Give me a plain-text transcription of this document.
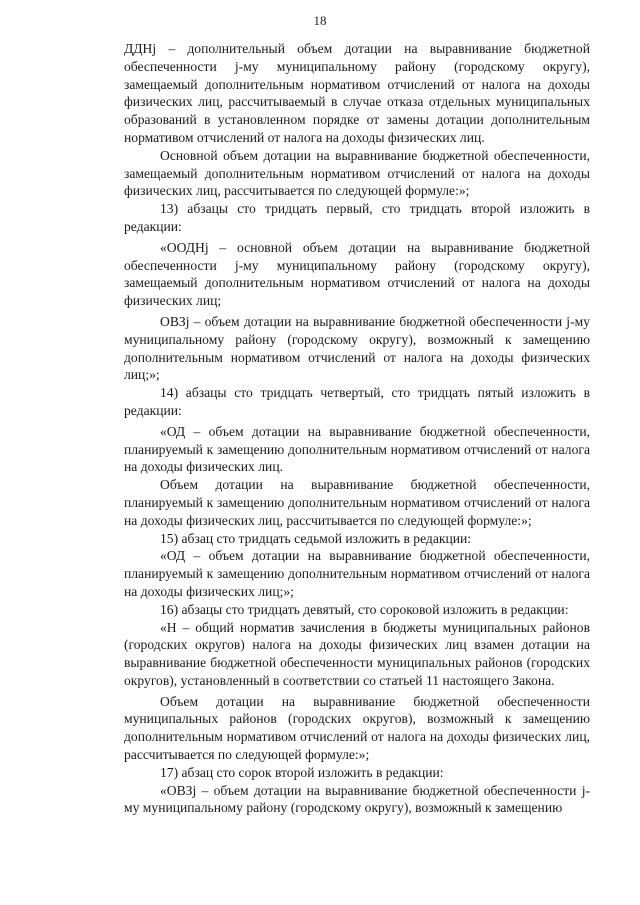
18

ДДНj – дополнительный объем дотации на выравнивание бюджетной обеспеченности j-му муниципальному району (городскому округу), замещаемый дополнительным нормативом отчислений от налога на доходы физических лиц, рассчитываемый в случае отказа отдельных муниципальных образований в установленном порядке от замены дотации дополнительным нормативом отчислений от налога на доходы физических лиц.

Основной объем дотации на выравнивание бюджетной обеспеченности, замещаемый дополнительным нормативом отчислений от налога на доходы физических лиц, рассчитывается по следующей формуле:»;

13) абзацы сто тридцать первый, сто тридцать второй изложить в редакции:

«ООДНj – основной объем дотации на выравнивание бюджетной обеспеченности j-му муниципальному району (городскому округу), замещаемый дополнительным нормативом отчислений от налога на доходы физических лиц;

ОВЗj – объем дотации на выравнивание бюджетной обеспеченности j-му муниципальному району (городскому округу), возможный к замещению дополнительным нормативом отчислений от налога на доходы физических лиц;»;

14) абзацы сто тридцать четвертый, сто тридцать пятый изложить в редакции:

«ОД – объем дотации на выравнивание бюджетной обеспеченности, планируемый к замещению дополнительным нормативом отчислений от налога на доходы физических лиц.

Объем дотации на выравнивание бюджетной обеспеченности, планируемый к замещению дополнительным нормативом отчислений от налога на доходы физических лиц, рассчитывается по следующей формуле:»;

15) абзац сто тридцать седьмой изложить в редакции:

«ОД – объем дотации на выравнивание бюджетной обеспеченности, планируемый к замещению дополнительным нормативом отчислений от налога на доходы физических лиц;»;

16) абзацы сто тридцать девятый, сто сороковой изложить в редакции:

«Н – общий норматив зачисления в бюджеты муниципальных районов (городских округов) налога на доходы физических лиц взамен дотации на выравнивание бюджетной обеспеченности муниципальных районов (городских округов), установленный в соответствии со статьей 11 настоящего Закона.

Объем дотации на выравнивание бюджетной обеспеченности муниципальных районов (городских округов), возможный к замещению дополнительным нормативом отчислений от налога на доходы физических лиц, рассчитывается по следующей формуле:»;

17) абзац сто сорок второй изложить в редакции:

«ОВЗj – объем дотации на выравнивание бюджетной обеспеченности j-му муниципальному району (городскому округу), возможный к замещению
